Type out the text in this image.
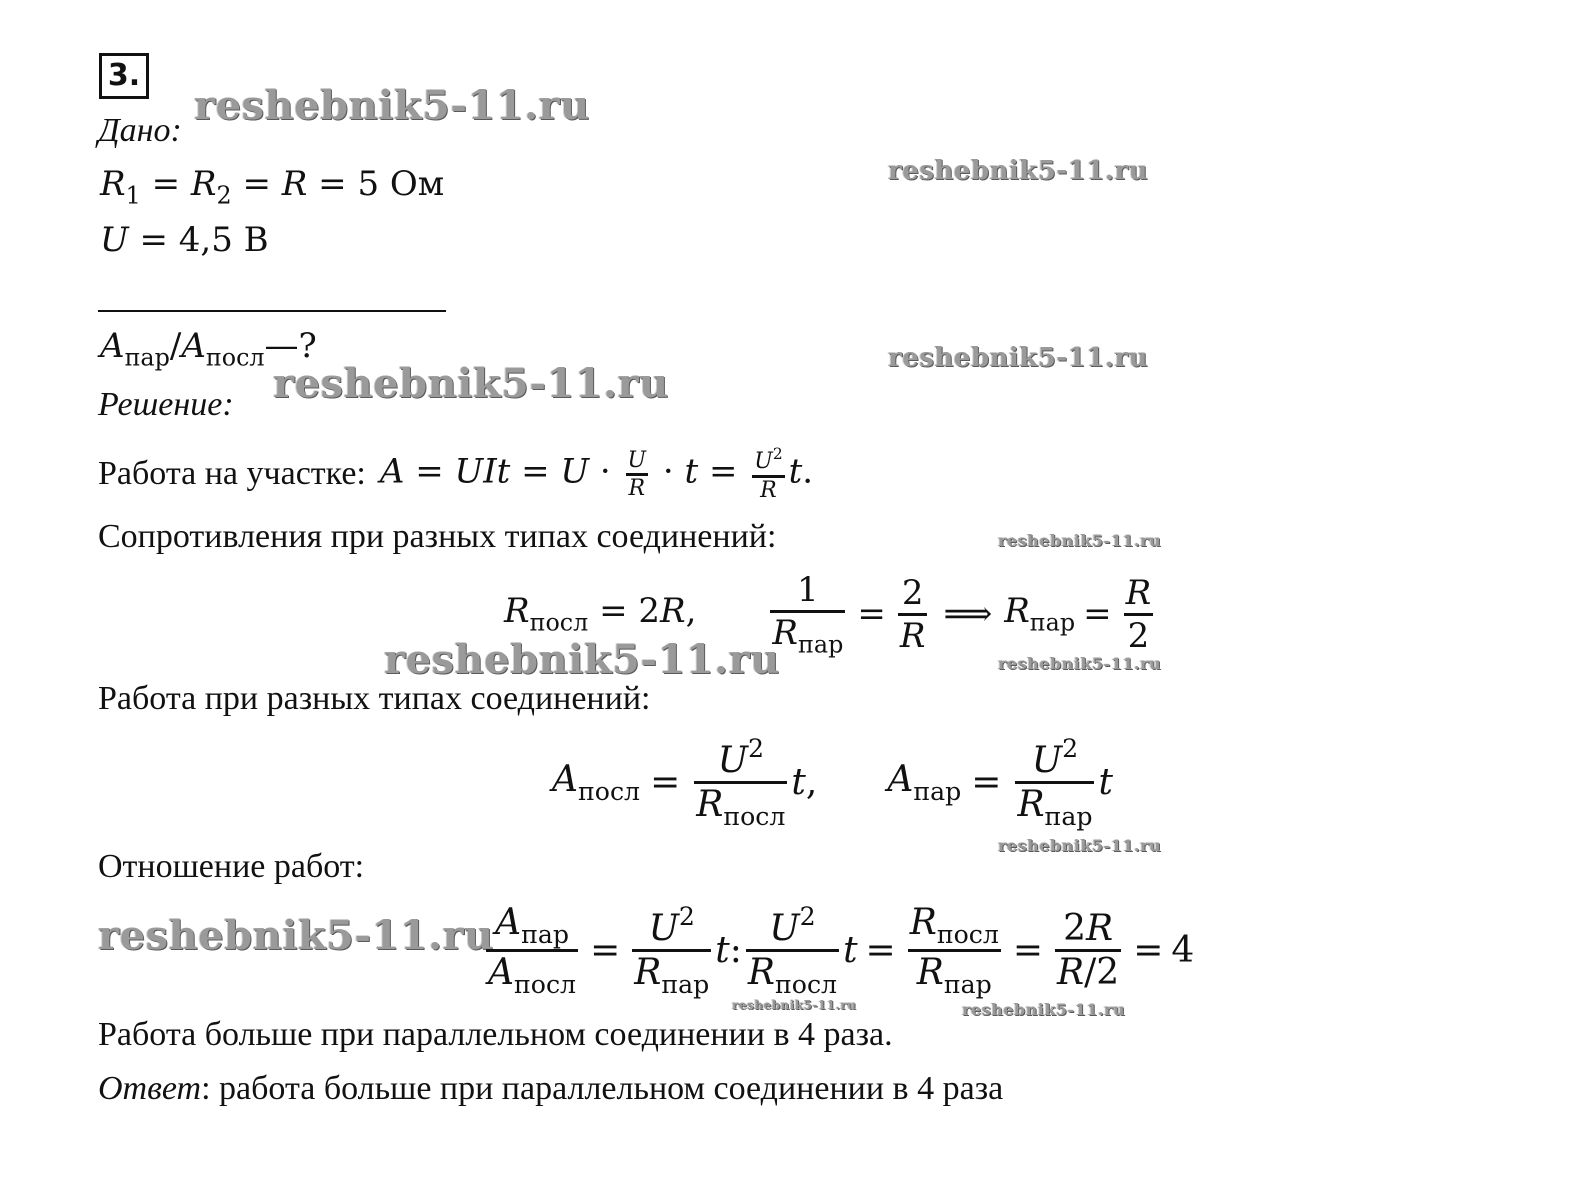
3.
reshebnik5-11.ru
reshebnik5-11.ru
reshebnik5-11.ru
reshebnik5-11.ru
reshebnik5-11.ru
reshebnik5-11.ru	reshebnik5-11.ru
reshebnik5-11.ru
reshebnik5-11.ru
reshebnik5-11.ru	reshebnik5-11.ru
Дано:
$R_1 = R_2 = R = 5$ Ом
U = 4,5 В
$A_{пар}/A_{посл}—$?
Решение:
Работа на участке: A = UIt = $U \cdot \frac{U}{R} \cdot t = \frac{U^2}{R} t$.
Сопротивления при разных типах соединений:
$R_{посл} = 2R$, $\frac{1}{R_{пар}} = \frac{2}{R}$ ⟹ $R_{пар} = \frac{R}{2}$
Работа при разных типах соединений:
$A_{посл} = \frac{U^2}{R_{посл}} t$, $A_{пар} = \frac{U^2}{R_{пар}}$ t
Отношение работ:
$\frac{A_{пар}}{A_{посл}} = \frac{U^2}{R_{пар}} t$: $\frac{U^2}{R_{посл}}$ $t = \frac{R_{посл}}{R_{пар}} = \frac{2R}{R/2} = 4$
Работа больше при параллельном соединении в 4 раза.
Ответ: работа больше при параллельном соединении в 4 раза
